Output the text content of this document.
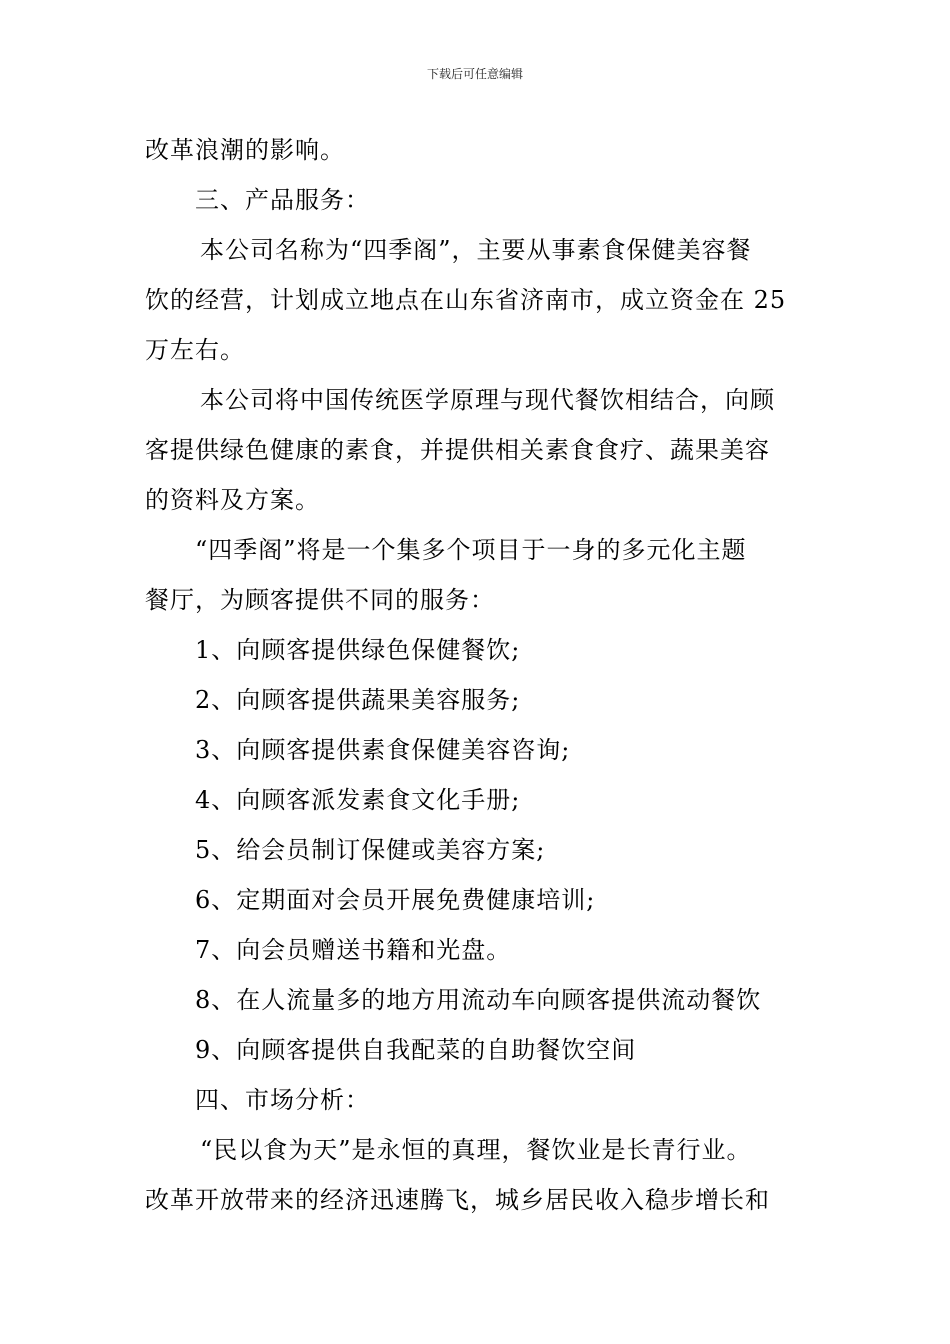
下载后可任意编辑
改革浪潮的影响。
三、产品服务：
本公司名称为“四季阁”，主要从事素食保健美容餐
饮的经营，计划成立地点在山东省济南市，成立资金在 25
万左右。
本公司将中国传统医学原理与现代餐饮相结合，向顾
客提供绿色健康的素食，并提供相关素食食疗、蔬果美容
的资料及方案。
“四季阁”将是一个集多个项目于一身的多元化主题
餐厅，为顾客提供不同的服务：
1、向顾客提供绿色保健餐饮;
2、向顾客提供蔬果美容服务;
3、向顾客提供素食保健美容咨询;
4、向顾客派发素食文化手册;
5、给会员制订保健或美容方案;
6、定期面对会员开展免费健康培训;
7、向会员赠送书籍和光盘。
8、在人流量多的地方用流动车向顾客提供流动餐饮
9、向顾客提供自我配菜的自助餐饮空间
四、市场分析：
“民以食为天”是永恒的真理，餐饮业是长青行业。
改革开放带来的经济迅速腾飞，城乡居民收入稳步增长和
